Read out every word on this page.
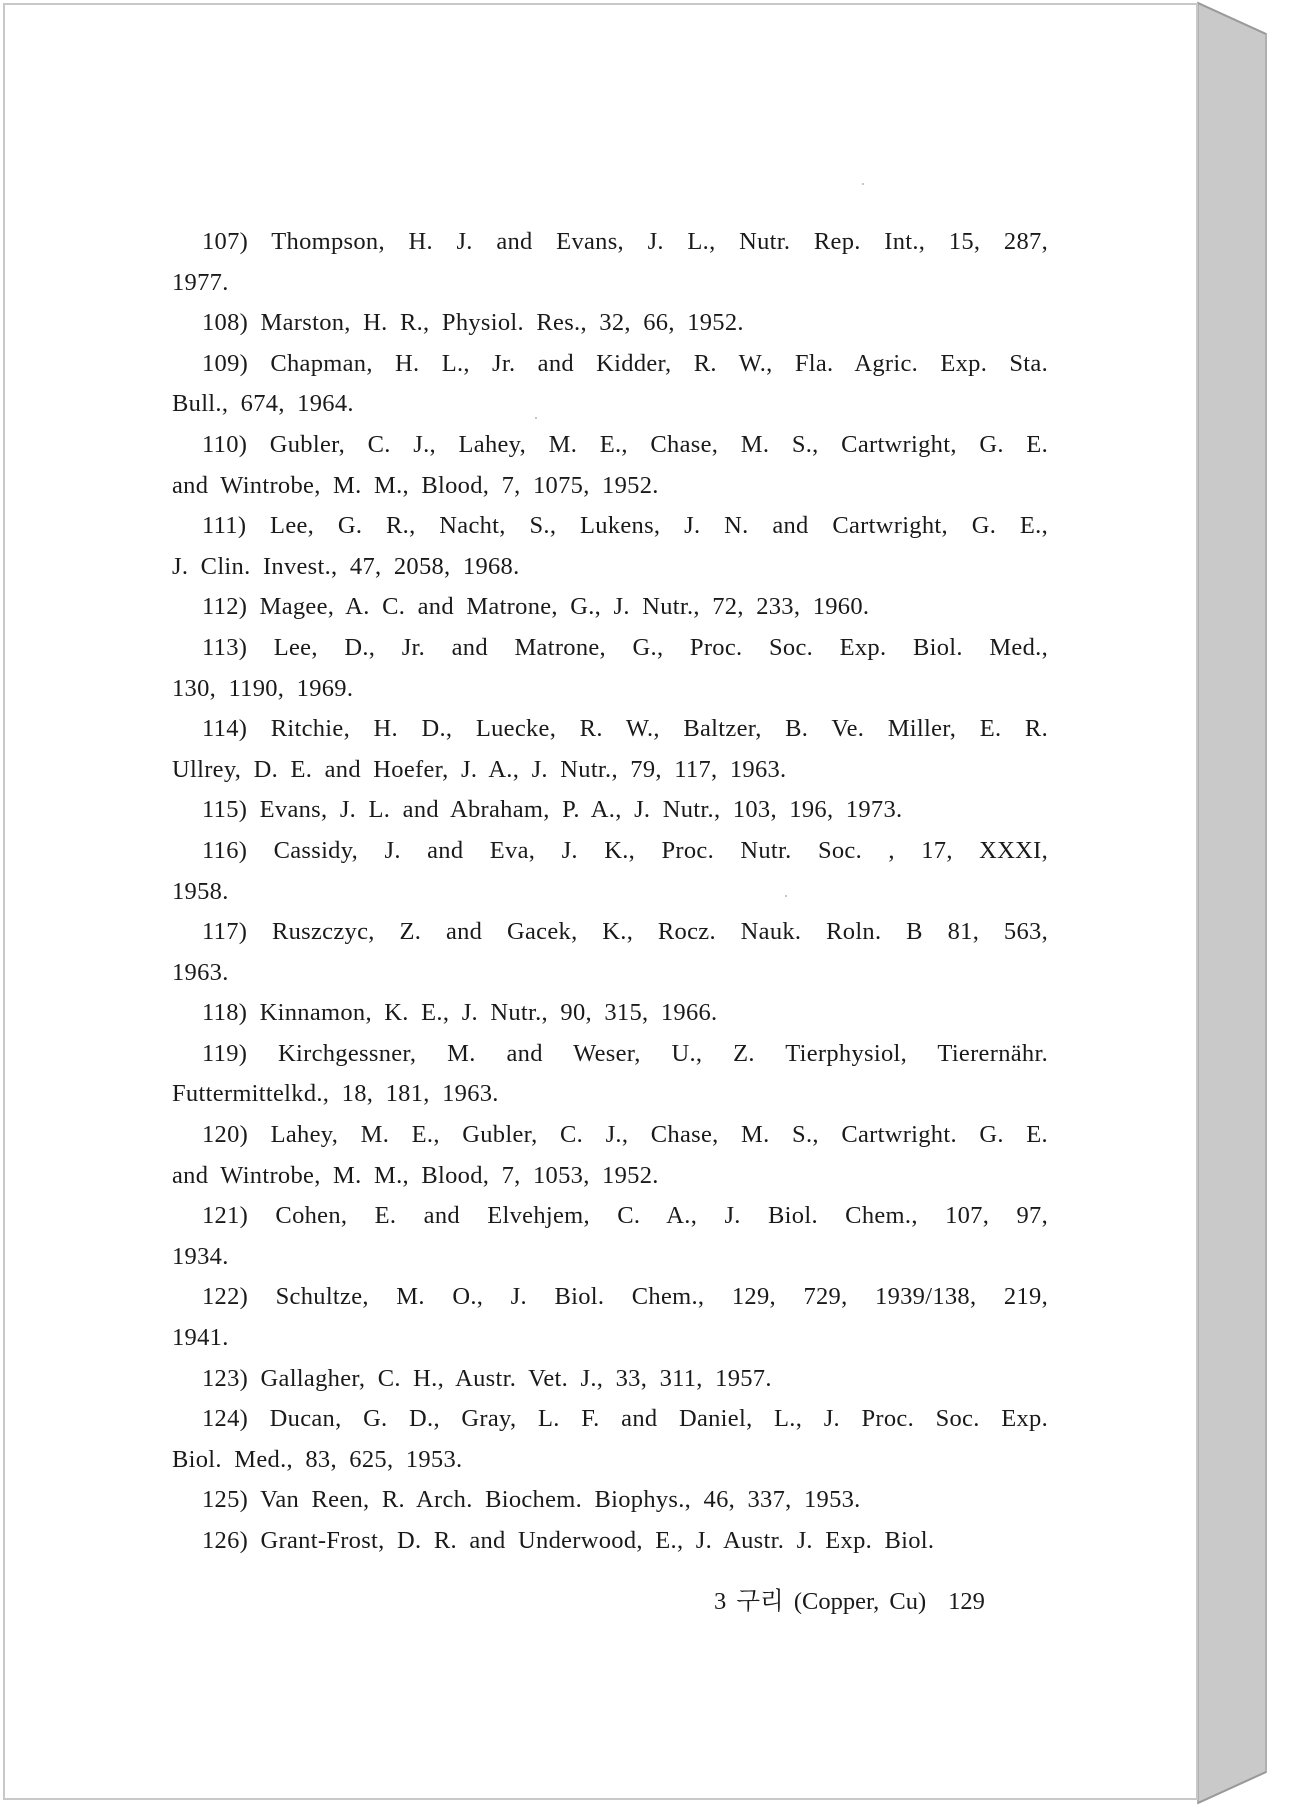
107) Thompson, H. J. and Evans, J. L., Nutr. Rep. Int., 15, 287,
1977.
108) Marston, H. R., Physiol. Res., 32, 66, 1952.
109) Chapman, H. L., Jr. and Kidder, R. W., Fla. Agric. Exp. Sta.
Bull., 674, 1964.
110) Gubler, C. J., Lahey, M. E., Chase, M. S., Cartwright, G. E.
and Wintrobe, M. M., Blood, 7, 1075, 1952.
111) Lee, G. R., Nacht, S., Lukens, J. N. and Cartwright, G. E.,
J. Clin. Invest., 47, 2058, 1968.
112) Magee, A. C. and Matrone, G., J. Nutr., 72, 233, 1960.
113) Lee, D., Jr. and Matrone, G., Proc. Soc. Exp. Biol. Med.,
130, 1190, 1969.
114) Ritchie, H. D., Luecke, R. W., Baltzer, B. Ve. Miller, E. R.
Ullrey, D. E. and Hoefer, J. A., J. Nutr., 79, 117, 1963.
115) Evans, J. L. and Abraham, P. A., J. Nutr., 103, 196, 1973.
116) Cassidy, J. and Eva, J. K., Proc. Nutr. Soc. , 17, XXXI,
1958.
117) Ruszczyc, Z. and Gacek, K., Rocz. Nauk. Roln. B 81, 563,
1963.
118) Kinnamon, K. E., J. Nutr., 90, 315, 1966.
119) Kirchgessner, M. and Weser, U., Z. Tierphysiol, Tierernähr.
Futtermittelkd., 18, 181, 1963.
120) Lahey, M. E., Gubler, C. J., Chase, M. S., Cartwright. G. E.
and Wintrobe, M. M., Blood, 7, 1053, 1952.
121) Cohen, E. and Elvehjem, C. A., J. Biol. Chem., 107, 97,
1934.
122) Schultze, M. O., J. Biol. Chem., 129, 729, 1939/138, 219,
1941.
123) Gallagher, C. H., Austr. Vet. J., 33, 311, 1957.
124) Ducan, G. D., Gray, L. F. and Daniel, L., J. Proc. Soc. Exp.
Biol. Med., 83, 625, 1953.
125) Van Reen, R. Arch. Biochem. Biophys., 46, 337, 1953.
126) Grant-Frost, D. R. and Underwood, E., J. Austr. J. Exp. Biol.
3 구리 (Copper, Cu) 129
